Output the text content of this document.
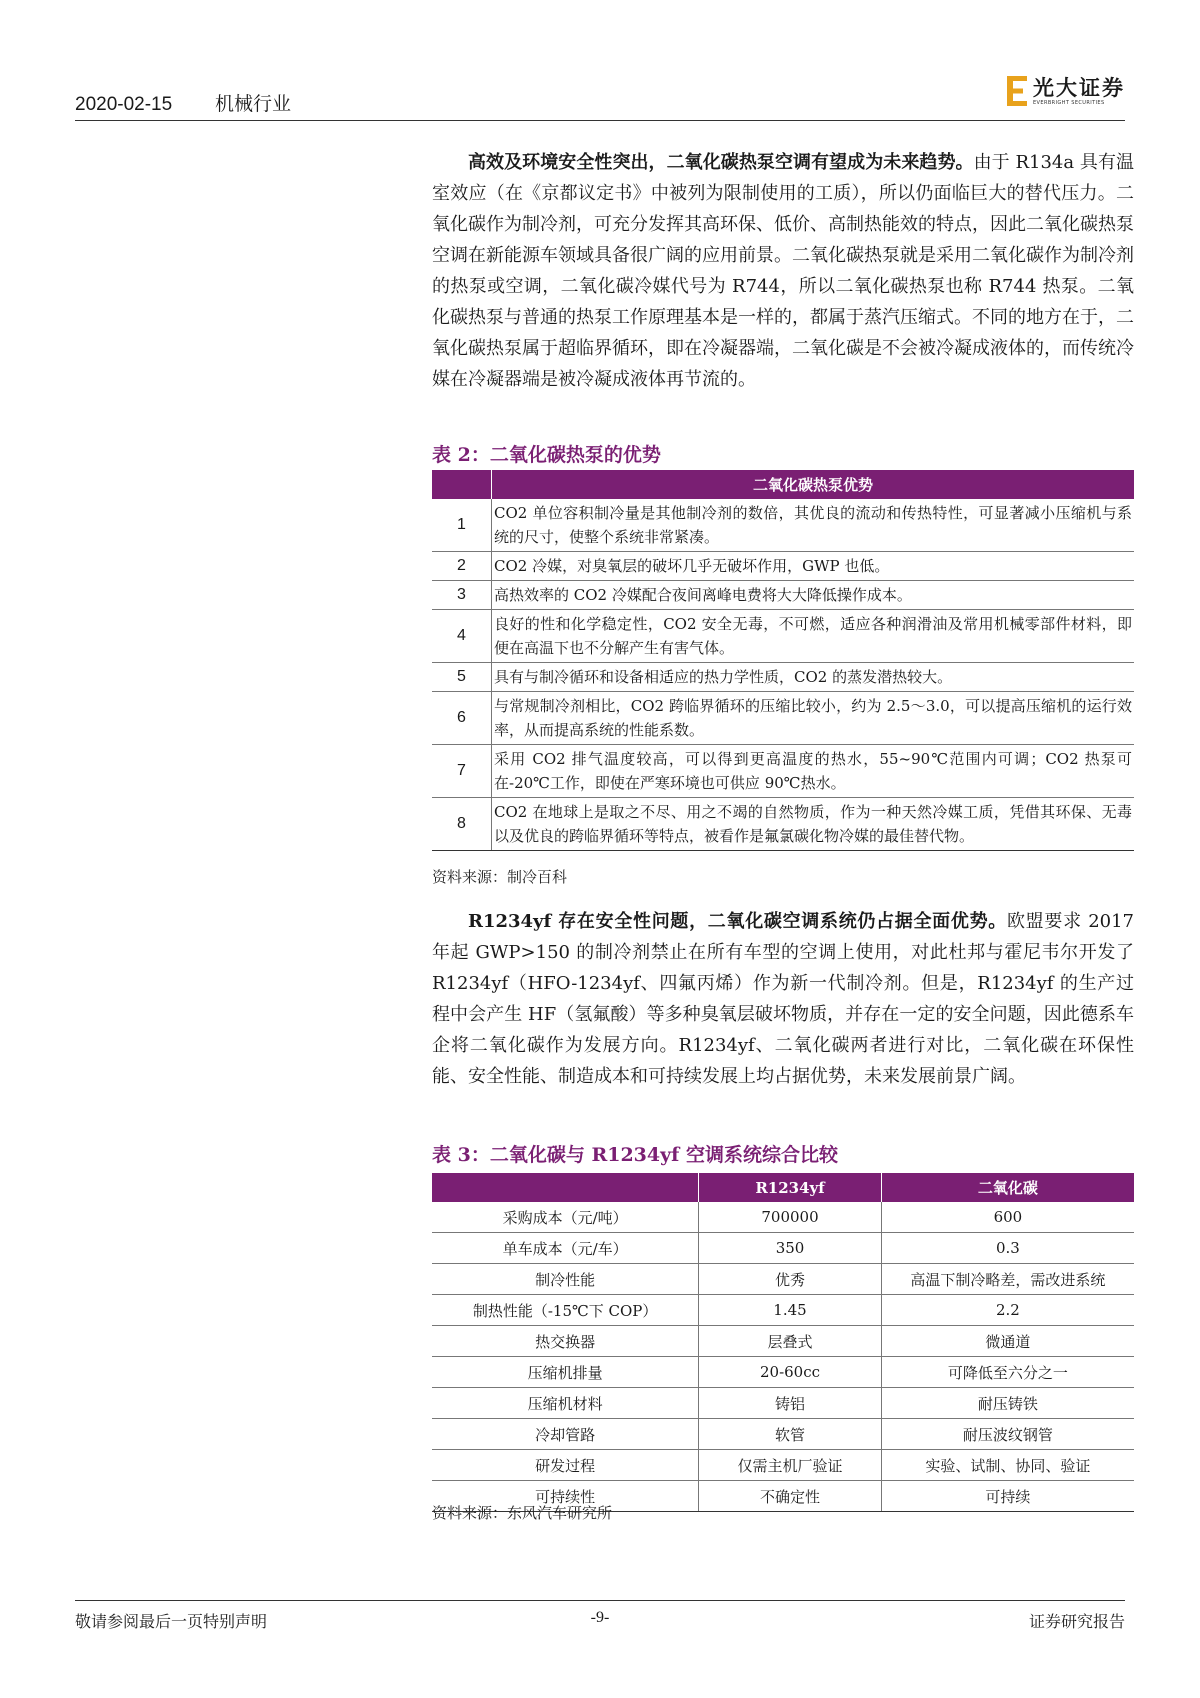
2020-02-15 机械行业
光大证券
EVERBRIGHT SECURITIES

高效及环境安全性突出，二氧化碳热泵空调有望成为未来趋势。由于 R134a 具有温室效应（在《京都议定书》中被列为限制使用的工质），所以仍面临巨大的替代压力。二氧化碳作为制冷剂，可充分发挥其高环保、低价、高制热能效的特点，因此二氧化碳热泵空调在新能源车领域具备很广阔的应用前景。二氧化碳热泵就是采用二氧化碳作为制冷剂的热泵或空调，二氧化碳冷媒代号为 R744，所以二氧化碳热泵也称 R744 热泵。二氧化碳热泵与普通的热泵工作原理基本是一样的，都属于蒸汽压缩式。不同的地方在于，二氧化碳热泵属于超临界循环，即在冷凝器端，二氧化碳是不会被冷凝成液体的，而传统冷媒在冷凝器端是被冷凝成液体再节流的。

表 2：二氧化碳热泵的优势
	二氧化碳热泵优势
1	CO2 单位容积制冷量是其他制冷剂的数倍，其优良的流动和传热特性，可显著减小压缩机与系统的尺寸，使整个系统非常紧凑。
2	CO2 冷媒，对臭氧层的破坏几乎无破坏作用，GWP 也低。
3	高热效率的 CO2 冷媒配合夜间离峰电费将大大降低操作成本。
4	良好的性和化学稳定性，CO2 安全无毒，不可燃，适应各种润滑油及常用机械零部件材料，即便在高温下也不分解产生有害气体。
5	具有与制冷循环和设备相适应的热力学性质，CO2 的蒸发潜热较大。
6	与常规制冷剂相比，CO2 跨临界循环的压缩比较小，约为 2.5～3.0，可以提高压缩机的运行效率，从而提高系统的性能系数。
7	采用 CO2 排气温度较高，可以得到更高温度的热水，55~90℃范围内可调；CO2 热泵可在-20℃工作，即使在严寒环境也可供应 90℃热水。
8	CO2 在地球上是取之不尽、用之不竭的自然物质，作为一种天然冷媒工质，凭借其环保、无毒以及优良的跨临界循环等特点，被看作是氟氯碳化物冷媒的最佳替代物。
资料来源：制冷百科

R1234yf 存在安全性问题，二氧化碳空调系统仍占据全面优势。欧盟要求 2017 年起 GWP>150 的制冷剂禁止在所有车型的空调上使用，对此杜邦与霍尼韦尔开发了 R1234yf（HFO-1234yf、四氟丙烯）作为新一代制冷剂。但是，R1234yf 的生产过程中会产生 HF（氢氟酸）等多种臭氧层破坏物质，并存在一定的安全问题，因此德系车企将二氧化碳作为发展方向。R1234yf、二氧化碳两者进行对比，二氧化碳在环保性能、安全性能、制造成本和可持续发展上均占据优势，未来发展前景广阔。

表 3：二氧化碳与 R1234yf 空调系统综合比较
	R1234yf	二氧化碳
采购成本（元/吨）	700000	600
单车成本（元/车）	350	0.3
制冷性能	优秀	高温下制冷略差，需改进系统
制热性能（-15℃下 COP）	1.45	2.2
热交换器	层叠式	微通道
压缩机排量	20-60cc	可降低至六分之一
压缩机材料	铸铝	耐压铸铁
冷却管路	软管	耐压波纹钢管
研发过程	仅需主机厂验证	实验、试制、协同、验证
可持续性	不确定性	可持续
资料来源：东风汽车研究所
敬请参阅最后一页特别声明	-9-	证券研究报告
